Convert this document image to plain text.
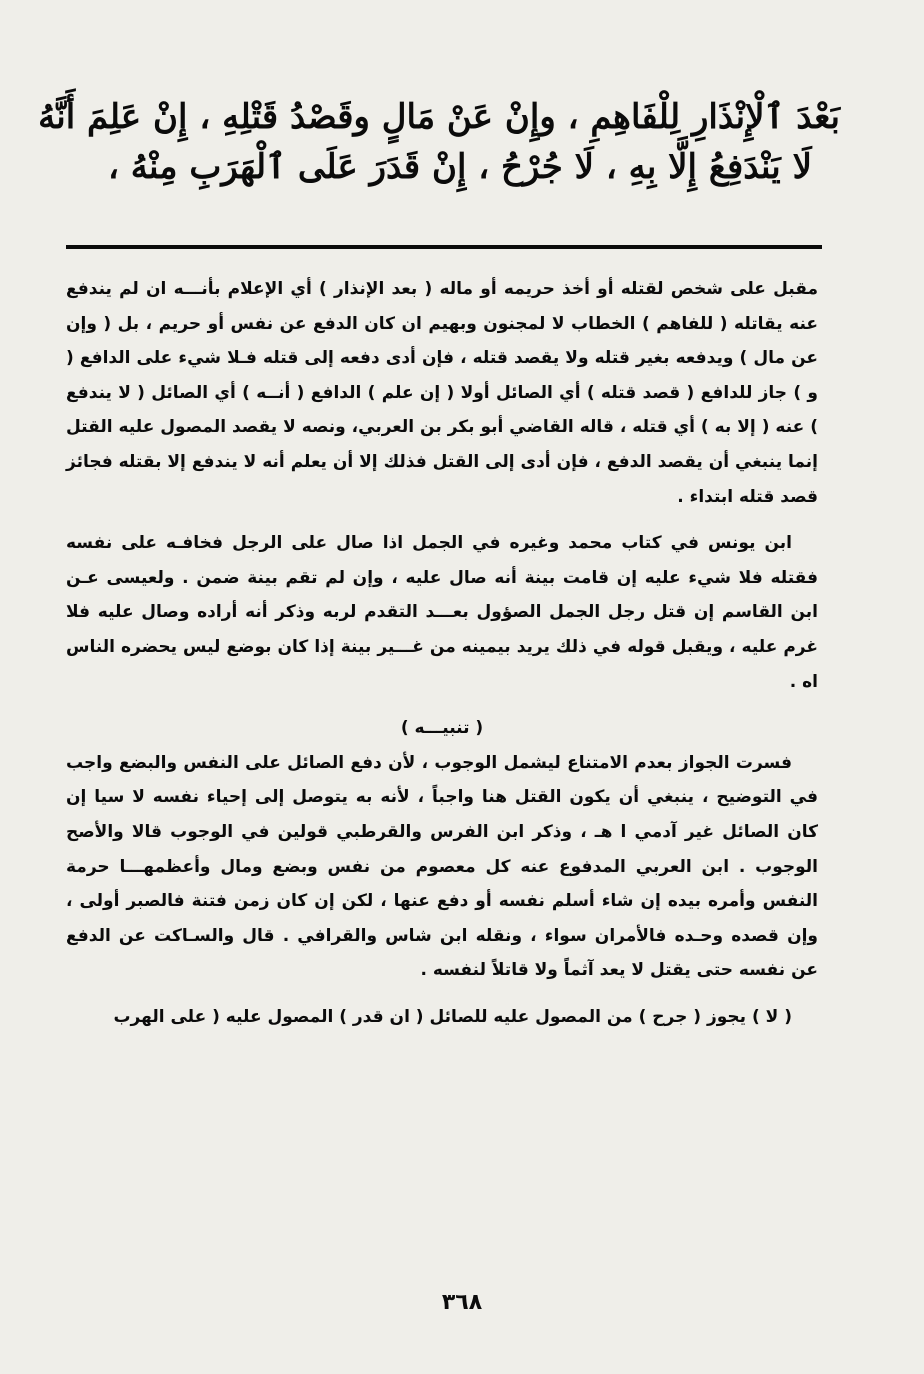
بَعْدَ ٱلْإِنْذَارِ لِلْفَاهِمِ ، وإِنْ عَنْ مَالٍ وقَصْدُ قَتْلِهِ ، إِنْ عَلِمَ أَنَّهُ
لَا يَنْدَفِعُ إِلَّا بِهِ ، لَا جُرْحُ ، إِنْ قَدَرَ عَلَى ٱلْهَرَبِ مِنْهُ ،

مقبل على شخص لقتله أو أخذ حريمه أو ماله ( بعد الإنذار ) أي الإعلام بأنـــه ان لم يندفع عنه يقاتله ( للفاهم ) الخطاب لا لمجنون وبهيم ان كان الدفع عن نفس أو حريم ، بل ( وإن عن مال ) ويدفعه بغير قتله ولا يقصد قتله ، فإن أدى دفعه إلى قتله فـلا شيء على الدافع ( و ) جاز للدافع ( قصد قتله ) أي الصائل أولا ( إن علم ) الدافع ( أنــه ) أي الصائل ( لا يندفع ) عنه ( إلا به ) أي قتله ، قاله القاضي أبو بكر بن العربي، ونصه لا يقصد المصول عليه القتل إنما ينبغي أن يقصد الدفع ، فإن أدى إلى القتل فذلك إلا أن يعلم أنه لا يندفع إلا بقتله فجائز قصد قتله ابتداء .

ابن يونس في كتاب محمد وغيره في الجمل اذا صال على الرجل فخافـه على نفسه فقتله فلا شيء عليه إن قامت بينة أنه صال عليه ، وإن لم تقم بينة ضمن . ولعيسى عـن ابن القاسم إن قتل رجل الجمل الصؤول بعـــد التقدم لربه وذكر أنه أراده وصال عليه فلا غرم عليه ، ويقبل قوله في ذلك يريد بيمينه من غـــير بينة إذا كان بوضع ليس يحضره الناس اه .

( تنبيـــه )

فسرت الجواز بعدم الامتناع ليشمل الوجوب ، لأن دفع الصائل على النفس والبضع واجب في التوضيح ، ينبغي أن يكون القتل هنا واجباً ، لأنه به يتوصل إلى إحياء نفسه لا سيا إن كان الصائل غير آدمي ا هـ ، وذكر ابن الفرس والقرطبي قولين في الوجوب قالا والأصح الوجوب . ابن العربي المدفوع عنه كل معصوم من نفس وبضع ومال وأعظمهـــا حرمة النفس وأمره بيده إن شاء أسلم نفسه أو دفع عنها ، لكن إن كان زمن فتنة فالصبر أولى ، وإن قصده وحـده فالأمران سواء ، ونقله ابن شاس والقرافي . قال والسـاكت عن الدفع عن نفسه حتى يقتل لا يعد آثماً ولا قاتلاً لنفسه .

( لا ) يجوز ( جرح ) من المصول عليه للصائل ( ان قدر ) المصول عليه ( على الهرب

٣٦٨
